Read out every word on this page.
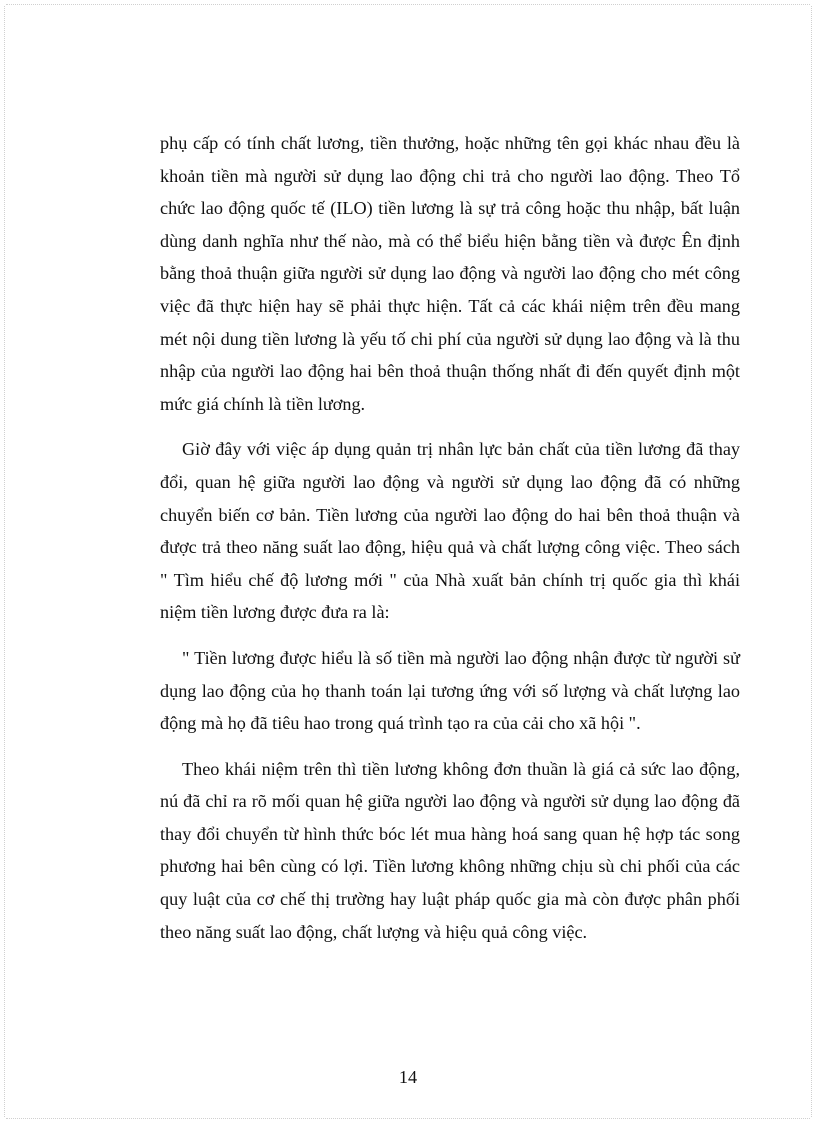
phụ cấp có tính chất lương, tiền thưởng, hoặc những tên gọi khác nhau đều là khoản tiền mà người sử dụng lao động chi trả cho người lao động. Theo Tổ chức lao động quốc tế (ILO) tiền lương là sự trả công hoặc thu nhập, bất luận dùng danh nghĩa như thế nào, mà có thể biểu hiện bằng tiền và được Ên định bằng thoả thuận giữa người sử dụng lao động và người lao động cho mét công việc đã thực hiện hay sẽ phải thực hiện. Tất cả các khái niệm trên đều mang mét nội dung tiền lương là yếu tố chi phí của người sử dụng lao động và là thu nhập của người lao động hai bên thoả thuận thống nhất đi đến quyết định một mức giá chính là tiền lương.

Giờ đây với việc áp dụng quản trị nhân lực bản chất của tiền lương đã thay đổi, quan hệ giữa người lao động và người sử dụng lao động đã có những chuyển biến cơ bản. Tiền lương của người lao động do hai bên thoả thuận và được trả theo năng suất lao động, hiệu quả và chất lượng công việc. Theo sách " Tìm hiểu chế độ lương mới " của Nhà xuất bản chính trị quốc gia thì khái niệm tiền lương được đưa ra là:

" Tiền lương được hiểu là số tiền mà người lao động nhận được từ người sử dụng lao động của họ thanh toán lại tương ứng với số lượng và chất lượng lao động mà họ đã tiêu hao trong quá trình tạo ra của cải cho xã hội ".

Theo khái niệm trên thì tiền lương không đơn thuần là giá cả sức lao động, nú đã chỉ ra rõ mối quan hệ giữa người lao động và người sử dụng lao động đã thay đổi chuyển từ hình thức bóc lét mua hàng hoá sang quan hệ hợp tác song phương hai bên cùng có lợi. Tiền lương không những chịu sù chi phối của các quy luật của cơ chế thị trường hay luật pháp quốc gia mà còn được phân phối theo năng suất lao động, chất lượng và hiệu quả công việc.

14
